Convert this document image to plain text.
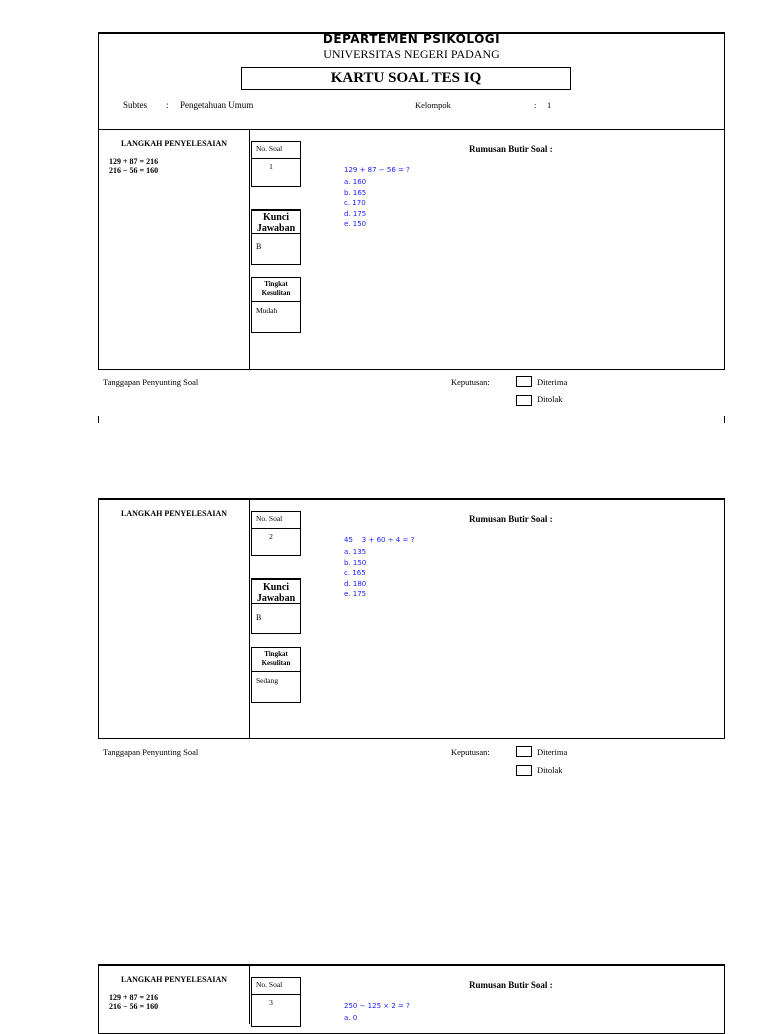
DEPARTEMEN PSIKOLOGI
UNIVERSITAS NEGERI PADANG
KARTU SOAL TES IQ
Subtes : Pengetahuan Umum	Kelompok	: 1
LANGKAH PENYELESAIAN
129 + 87 = 216
216 − 56 = 160
No. Soal
1
Kunci
Jawaban
B
Tingkat
Kesulitan
Mudah
Rumusan Butir Soal :
129 + 87 − 56 = ?
a. 160
b. 165
c. 170
d. 175
e. 150
Tanggapan Penyunting Soal	Keputusan:	Diterima
Ditolak
LANGKAH PENYELESAIAN
No. Soal
2
Kunci
Jawaban
B
Tingkat
Kesulitan
Sedang
Rumusan Butir Soal :
45    3 + 60 ÷ 4 = ?
a. 135
b. 150
c. 165
d. 180
e. 175
Tanggapan Penyunting Soal	Keputusan:	Diterima
Ditolak
LANGKAH PENYELESAIAN
129 + 87 = 216
216 − 56 = 160
No. Soal
3
Rumusan Butir Soal :
250 − 125 × 2 = ?
a. 0
